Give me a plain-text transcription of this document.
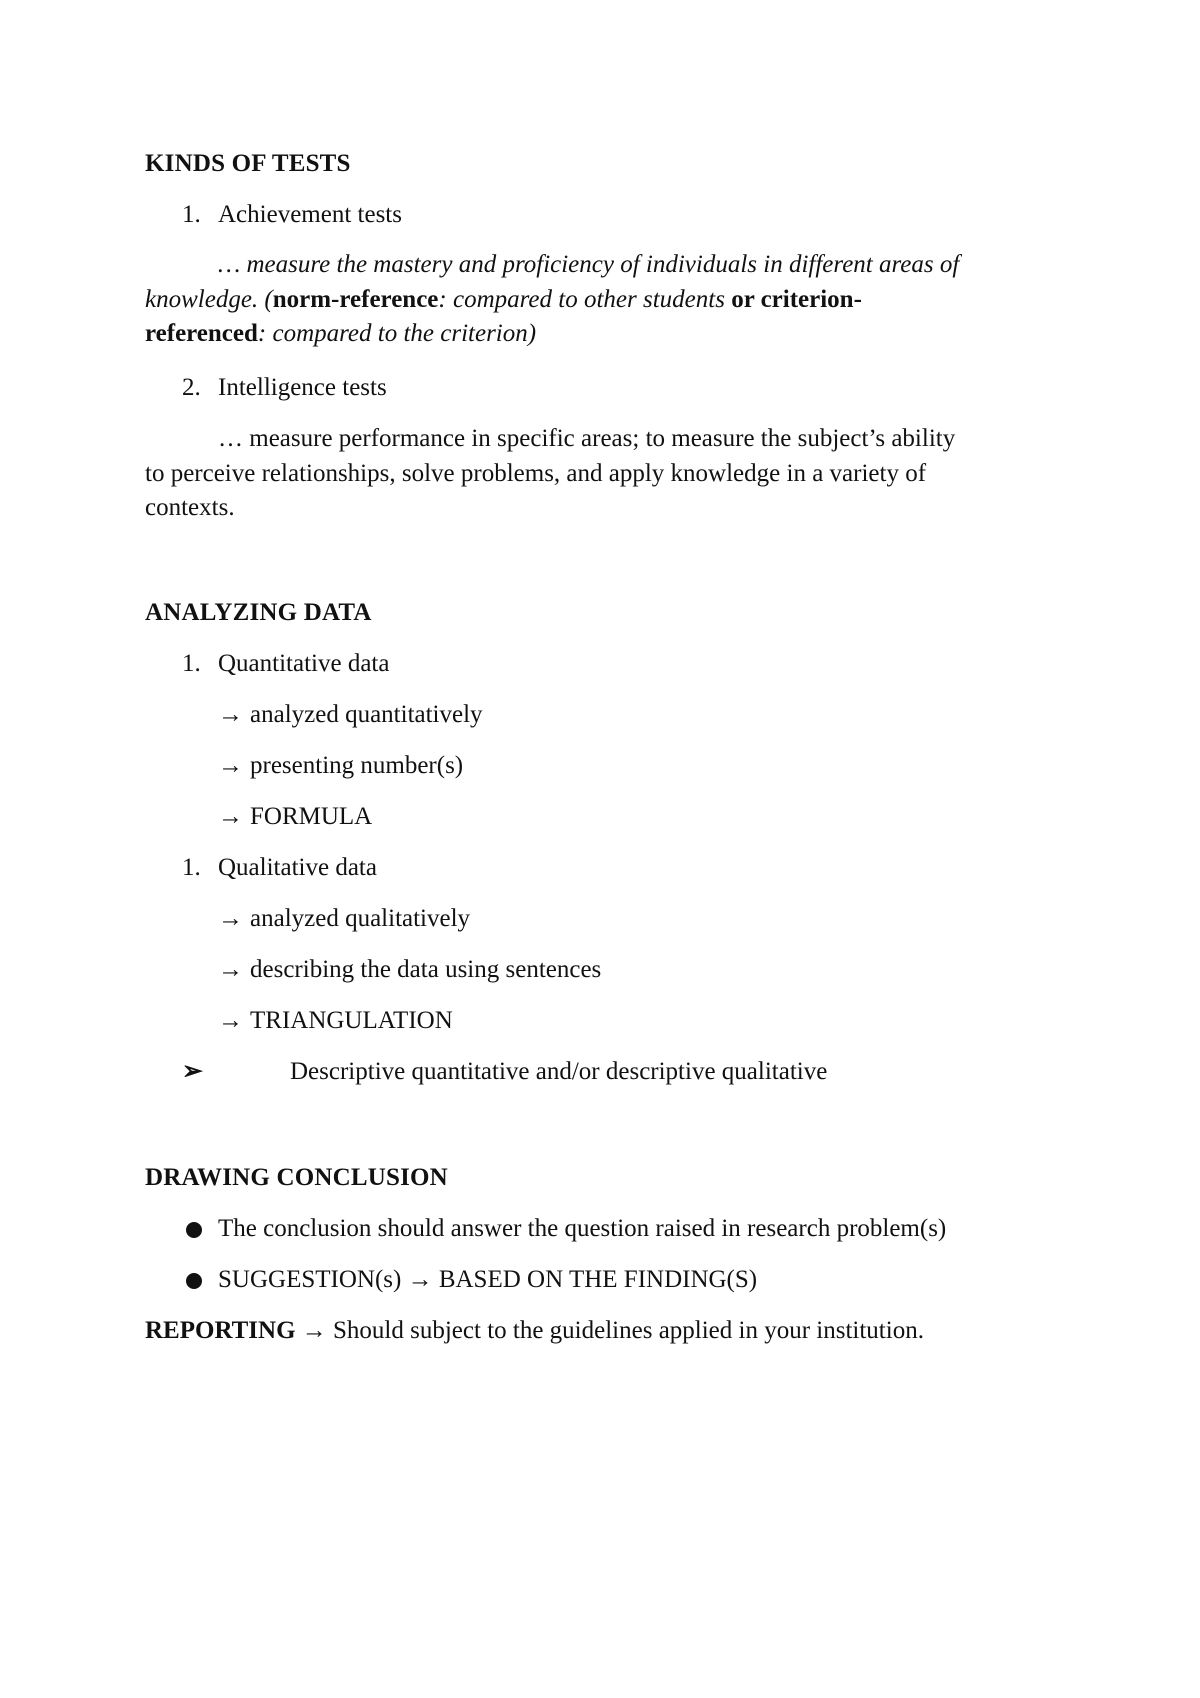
KINDS OF TESTS
1. Achievement tests
… measure the mastery and proficiency of individuals in different areas of
knowledge. (norm-reference: compared to other students or criterion-
referenced: compared to the criterion)
2. Intelligence tests
… measure performance in specific areas; to measure the subject’s ability
to perceive relationships, solve problems, and apply knowledge in a variety of
contexts.
ANALYZING DATA
1. Quantitative data
→ analyzed quantitatively
→ presenting number(s)
→ FORMULA
1. Qualitative data
→ analyzed qualitatively
→ describing the data using sentences
→ TRIANGULATION
➢	Descriptive quantitative and/or descriptive qualitative
DRAWING CONCLUSION
The conclusion should answer the question raised in research problem(s)
SUGGESTION(s) → BASED ON THE FINDING(S)
REPORTING → Should subject to the guidelines applied in your institution.
